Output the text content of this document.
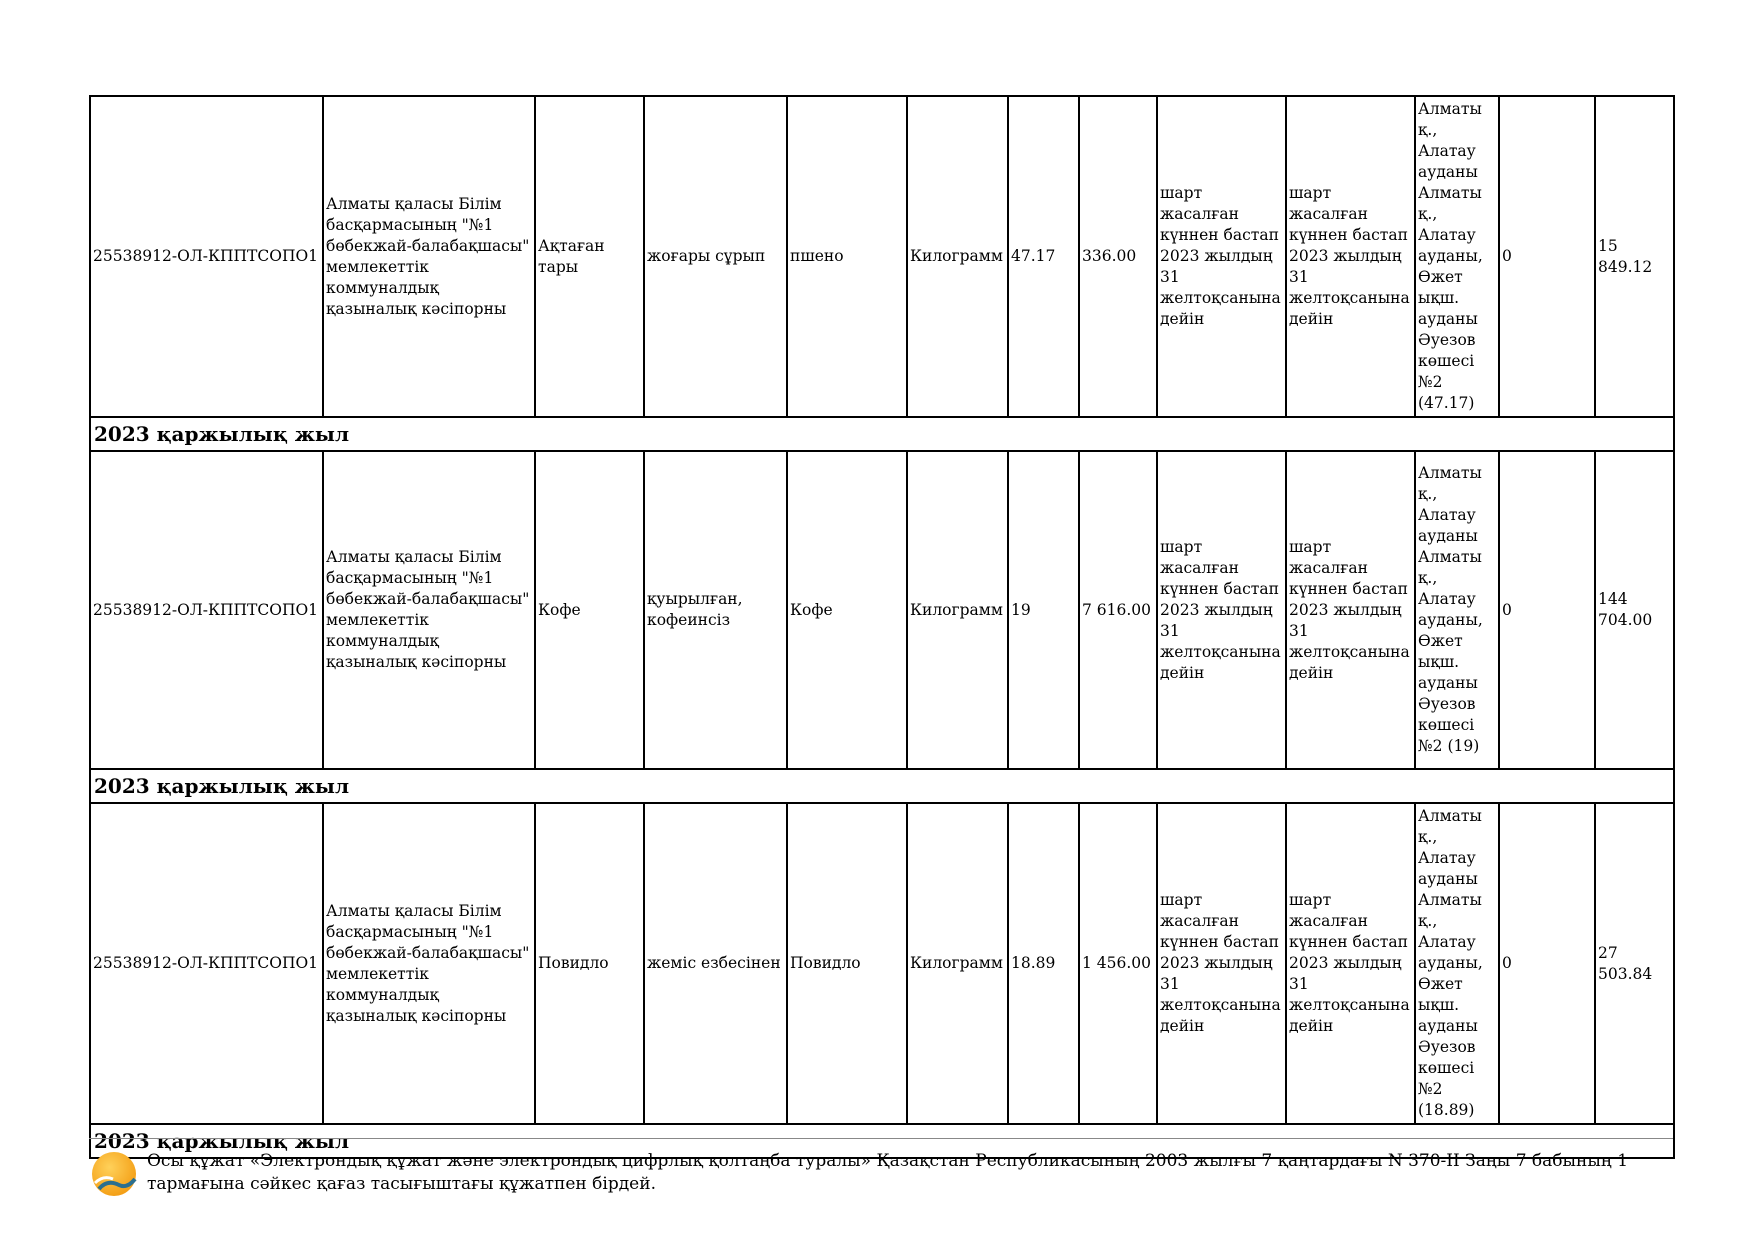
25538912-ОЛ-КППТСОПО1	Алматы қаласы Білім басқармасының "№1 бөбекжай-балабақшасы" мемлекеттік коммуналдық қазыналық кәсіпорны	Ақтаған тары	жоғары сұрып	пшено	Килограмм	47.17	336.00	шарт жасалған күннен бастап 2023 жылдың 31 желтоқсанына дейін	шарт жасалған күннен бастап 2023 жылдың 31 желтоқсанына дейін	Алматы қ., Алатау ауданы Алматы қ., Алатау ауданы, Өжет ықш. ауданы Әуезов көшесі №2 (47.17)	0	15 849.12
2023 қаржылық жыл												
25538912-ОЛ-КППТСОПО1	Алматы қаласы Білім басқармасының "№1 бөбекжай-балабақшасы" мемлекеттік коммуналдық қазыналық кәсіпорны	Кофе	қуырылған, кофеинсіз	Кофе	Килограмм	19	7 616.00	шарт жасалған күннен бастап 2023 жылдың 31 желтоқсанына дейін	шарт жасалған күннен бастап 2023 жылдың 31 желтоқсанына дейін	Алматы қ., Алатау ауданы Алматы қ., Алатау ауданы, Өжет ықш. ауданы Әуезов көшесі №2 (19)	0	144 704.00
2023 қаржылық жыл												
25538912-ОЛ-КППТСОПО1	Алматы қаласы Білім басқармасының "№1 бөбекжай-балабақшасы" мемлекеттік коммуналдық қазыналық кәсіпорны	Повидло	жеміс езбесінен	Повидло	Килограмм	18.89	1 456.00	шарт жасалған күннен бастап 2023 жылдың 31 желтоқсанына дейін	шарт жасалған күннен бастап 2023 жылдың 31 желтоқсанына дейін	Алматы қ., Алатау ауданы Алматы қ., Алатау ауданы, Өжет ықш. ауданы Әуезов көшесі №2 (18.89)	0	27 503.84
2023 қаржылық жыл												
Осы құжат «Электрондық құжат және электрондық цифрлық қолтаңба туралы» Қазақстан Республикасының 2003 жылғы 7 қаңтардағы N 370-II Заңы 7 бабының 1 тармағына сәйкес қағаз тасығыштағы құжатпен бірдей.
